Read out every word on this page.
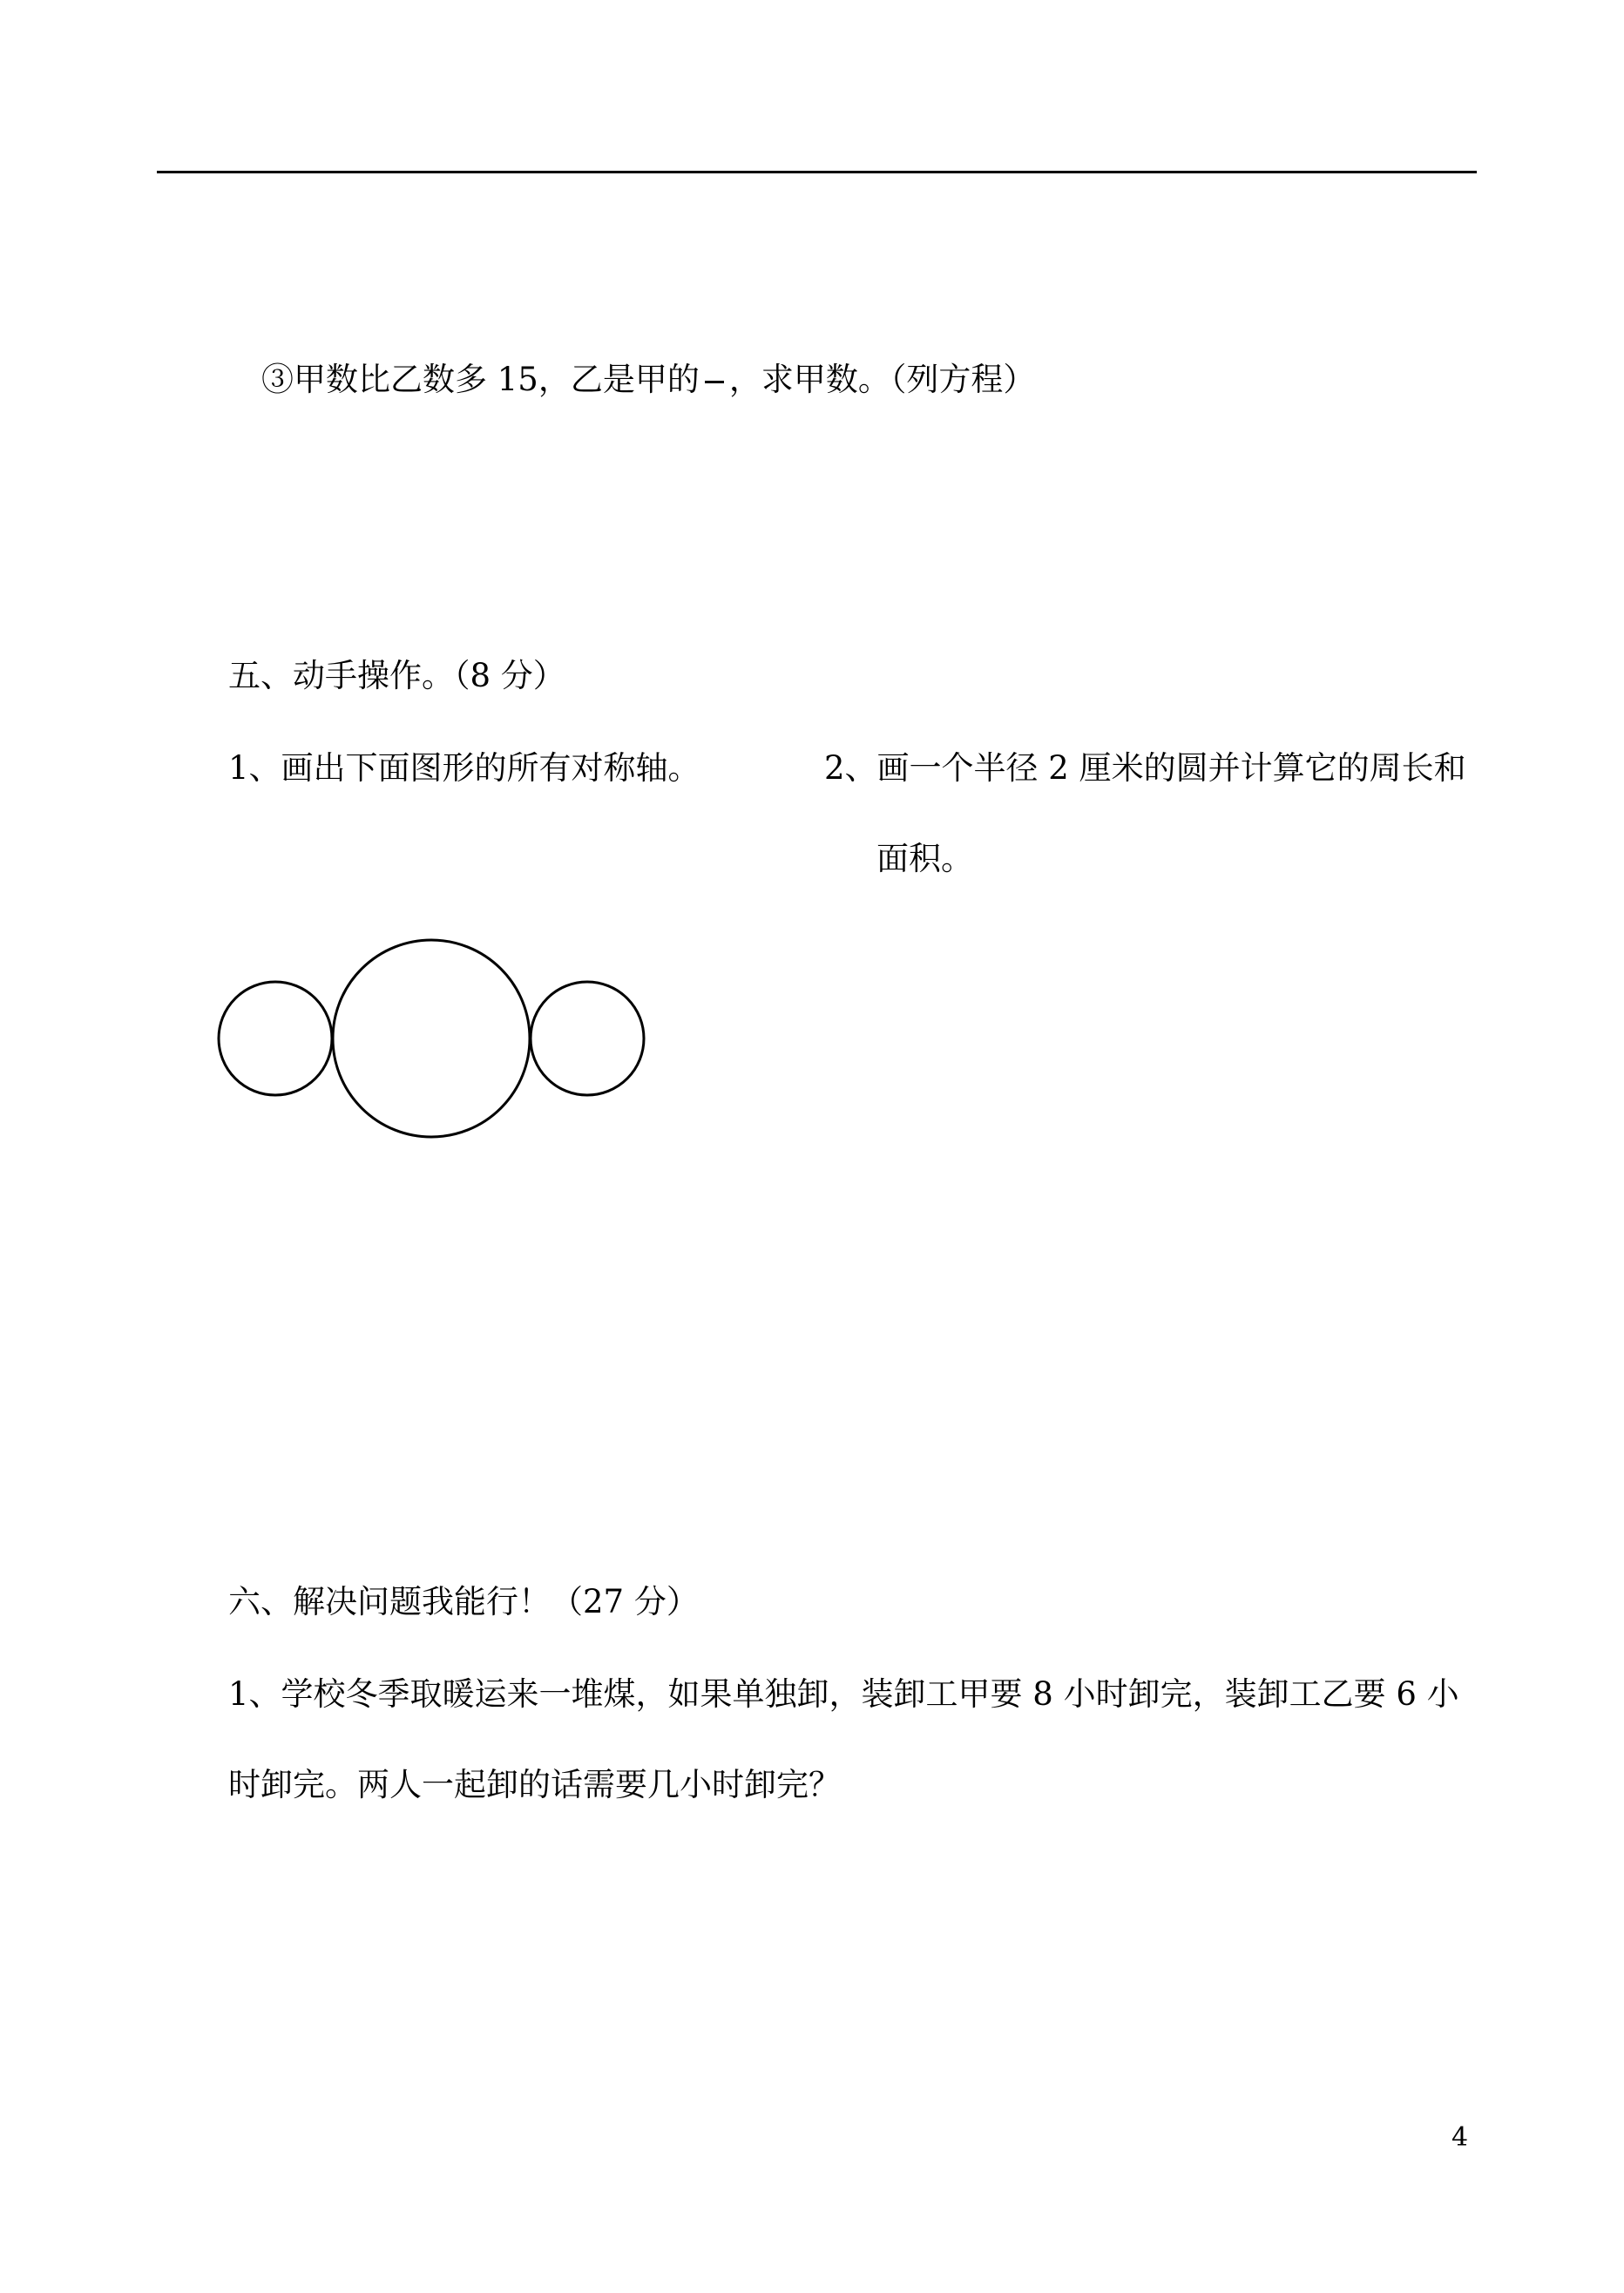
③甲数比乙数多 15，乙是甲的 ，求甲数。（列方程）

五、动手操作。（8 分）

1、画出下面图形的所有对称轴。	2、画一个半径 2 厘米的圆并计算它的周长和

面积。

六、解决问题我能行！（27 分）

1、学校冬季取暖运来一堆煤，如果单独卸，装卸工甲要 8 小时卸完，装卸工乙要 6 小

时卸完。两人一起卸的话需要几小时卸完？

4
